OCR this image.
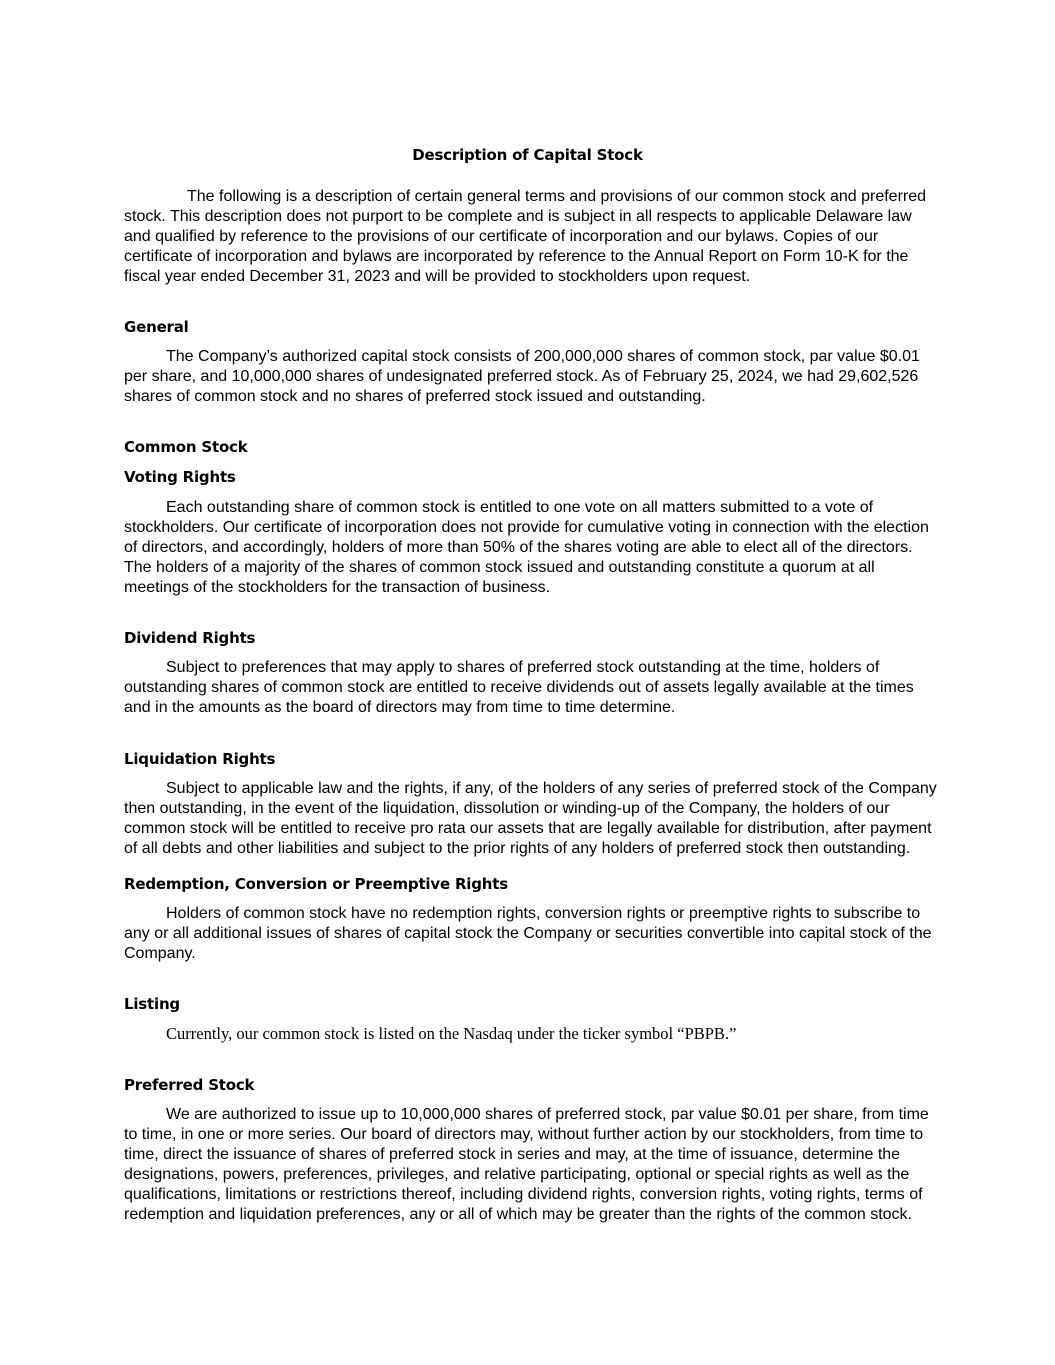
Description of Capital Stock

The following is a description of certain general terms and provisions of our common stock and preferred stock. This description does not purport to be complete and is subject in all respects to applicable Delaware law and qualified by reference to the provisions of our certificate of incorporation and our bylaws. Copies of our certificate of incorporation and bylaws are incorporated by reference to the Annual Report on Form 10-K for the fiscal year ended December 31, 2023 and will be provided to stockholders upon request.

General

The Company’s authorized capital stock consists of 200,000,000 shares of common stock, par value $0.01 per share, and 10,000,000 shares of undesignated preferred stock. As of February 25, 2024, we had 29,602,526 shares of common stock and no shares of preferred stock issued and outstanding.

Common Stock
Voting Rights

Each outstanding share of common stock is entitled to one vote on all matters submitted to a vote of stockholders. Our certificate of incorporation does not provide for cumulative voting in connection with the election of directors, and accordingly, holders of more than 50% of the shares voting are able to elect all of the directors. The holders of a majority of the shares of common stock issued and outstanding constitute a quorum at all meetings of the stockholders for the transaction of business.

Dividend Rights

Subject to preferences that may apply to shares of preferred stock outstanding at the time, holders of outstanding shares of common stock are entitled to receive dividends out of assets legally available at the times and in the amounts as the board of directors may from time to time determine.

Liquidation Rights

Subject to applicable law and the rights, if any, of the holders of any series of preferred stock of the Company then outstanding, in the event of the liquidation, dissolution or winding-up of the Company, the holders of our common stock will be entitled to receive pro rata our assets that are legally available for distribution, after payment of all debts and other liabilities and subject to the prior rights of any holders of preferred stock then outstanding.

Redemption, Conversion or Preemptive Rights

Holders of common stock have no redemption rights, conversion rights or preemptive rights to subscribe to any or all additional issues of shares of capital stock the Company or securities convertible into capital stock of the Company.

Listing

Currently, our common stock is listed on the Nasdaq under the ticker symbol “PBPB.”

Preferred Stock

We are authorized to issue up to 10,000,000 shares of preferred stock, par value $0.01 per share, from time to time, in one or more series. Our board of directors may, without further action by our stockholders, from time to time, direct the issuance of shares of preferred stock in series and may, at the time of issuance, determine the designations, powers, preferences, privileges, and relative participating, optional or special rights as well as the qualifications, limitations or restrictions thereof, including dividend rights, conversion rights, voting rights, terms of redemption and liquidation preferences, any or all of which may be greater than the rights of the common stock.
